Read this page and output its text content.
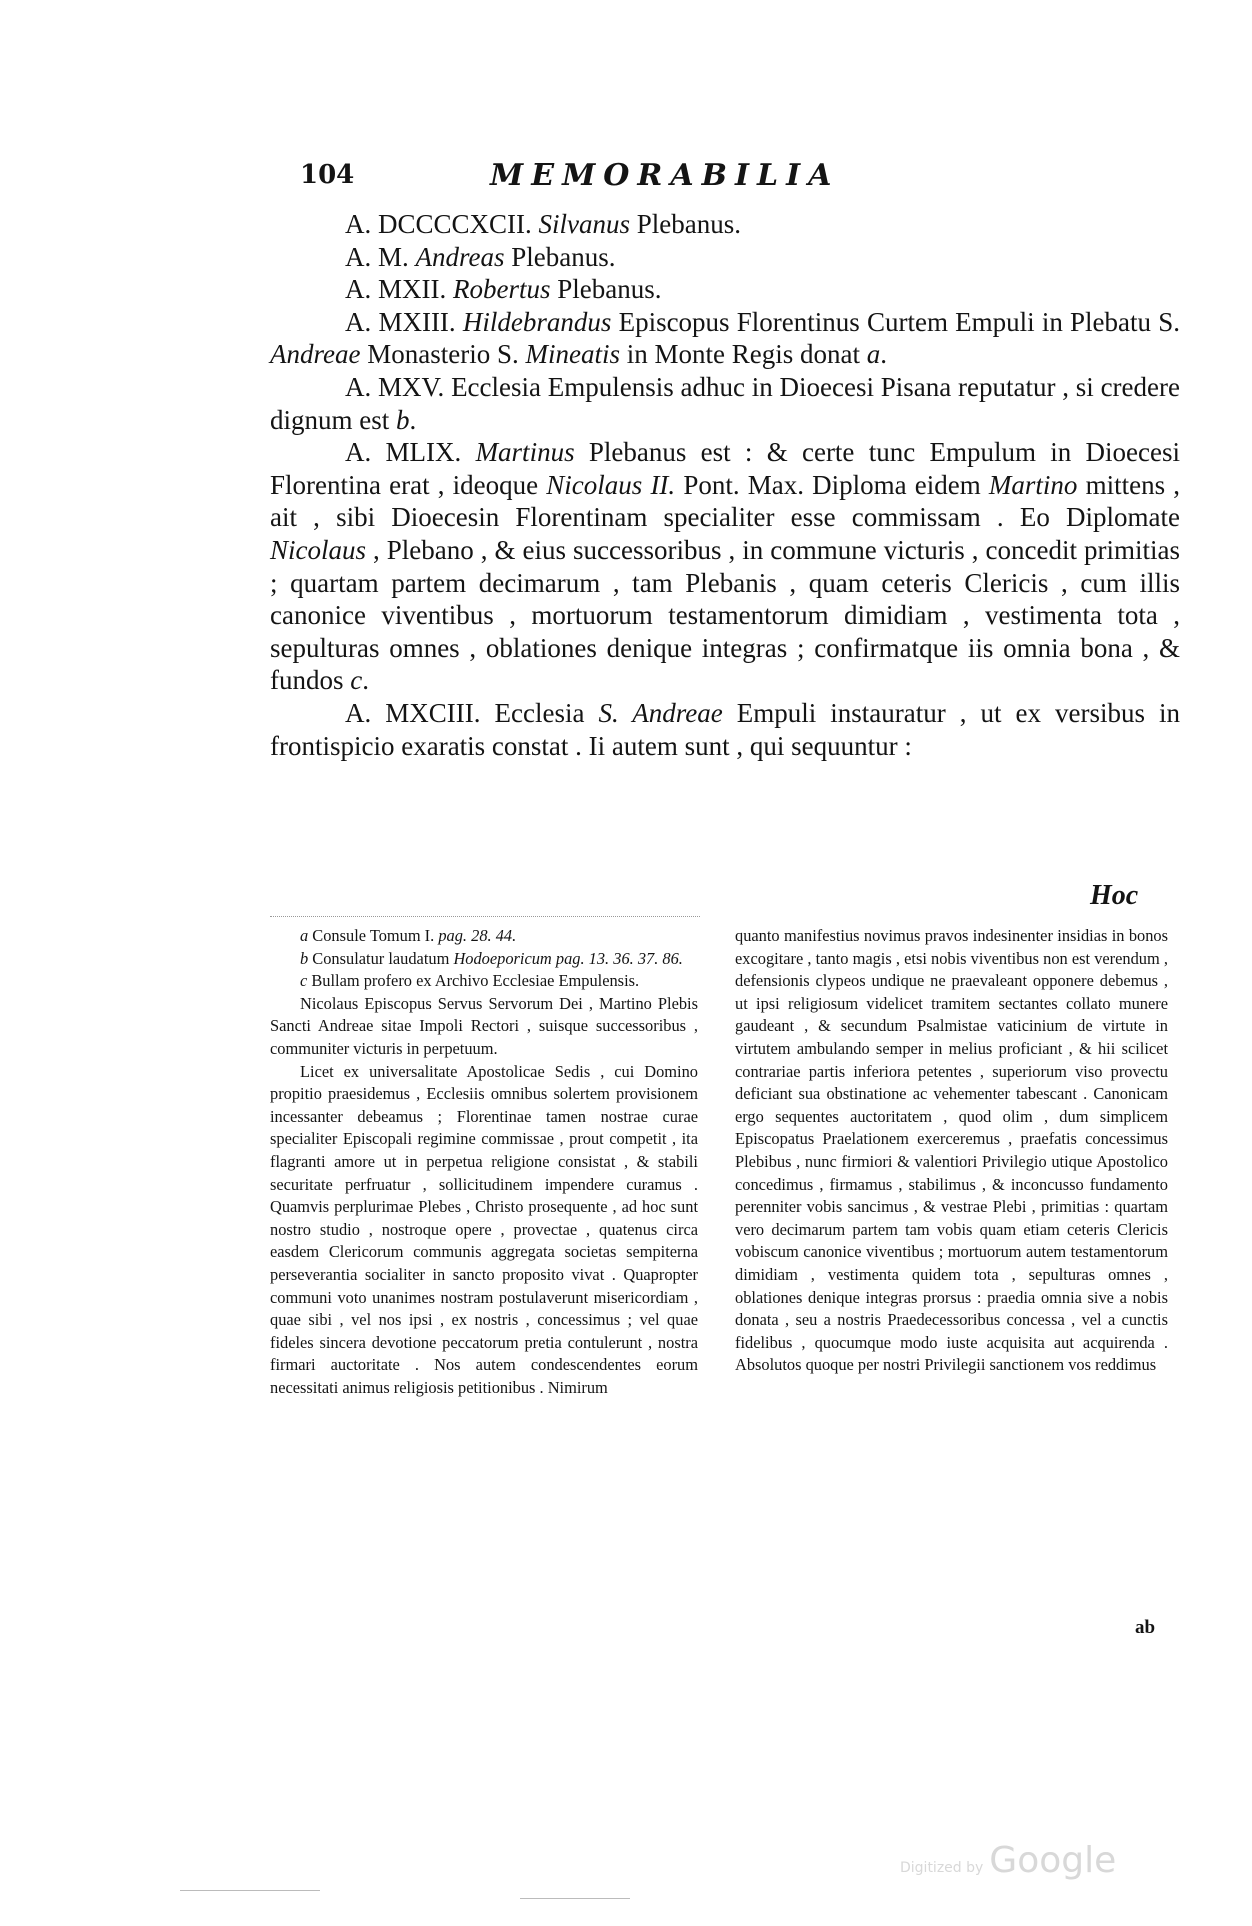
104	MEMORABILIA

A. DCCCCXCII. Silvanus Plebanus.

A. M. Andreas Plebanus.

A. MXII. Robertus Plebanus.

A. MXIII. Hildebrandus Episcopus Florentinus Curtem Empuli in Plebatu S. Andreae Monasterio S. Mineatis in Monte Regis donat a.

A. MXV. Ecclesia Empulensis adhuc in Dioecesi Pisana reputatur , si credere dignum est b.

A. MLIX. Martinus Plebanus est : & certe tunc Empulum in Dioecesi Florentina erat , ideoque Nicolaus II. Pont. Max. Diploma eidem Martino mittens , ait , sibi Dioecesin Florentinam specialiter esse commissam . Eo Diplomate Nicolaus , Plebano , & eius successoribus , in commune victuris , concedit primitias ; quartam partem decimarum , tam Plebanis , quam ceteris Clericis , cum illis canonice viventibus , mortuorum testamentorum dimidiam , vestimenta tota , sepulturas omnes , oblationes denique integras ; confirmatque iis omnia bona , & fundos c.

A. MXCIII. Ecclesia S. Andreae Empuli instauratur , ut ex versibus in frontispicio exaratis constat . Ii autem sunt , qui sequuntur :

Hoc

a Consule Tomum I. pag. 28. 44.

b Consulatur laudatum Hodoeporicum pag. 13. 36. 37. 86.

c Bullam profero ex Archivo Ecclesiae Empulensis.

Nicolaus Episcopus Servus Servorum Dei , Martino Plebis Sancti Andreae sitae Impoli Rectori , suisque successoribus , communiter victuris in perpetuum.

Licet ex universalitate Apostolicae Sedis , cui Domino propitio praesidemus , Ecclesiis omnibus solertem provisionem incessanter debeamus ; Florentinae tamen nostrae curae specialiter Episcopali regimine commissae , prout competit , ita flagranti amore ut in perpetua religione consistat , & stabili securitate perfruatur , sollicitudinem impendere curamus . Quamvis perplurimae Plebes , Christo prosequente , ad hoc sunt nostro studio , nostroque opere , provectae , quatenus circa easdem Clericorum communis aggregata societas sempiterna perseverantia socialiter in sancto proposito vivat . Quapropter communi voto unanimes nostram postulaverunt misericordiam , quae sibi , vel nos ipsi , ex nostris , concessimus ; vel quae fideles sincera devotione peccatorum pretia contulerunt , nostra firmari auctoritate . Nos autem condescendentes eorum necessitati animus religiosis petitionibus . Nimirum

quanto manifestius novimus pravos indesinenter insidias in bonos excogitare , tanto magis , etsi nobis viventibus non est verendum , defensionis clypeos undique ne praevaleant opponere debemus , ut ipsi religiosum videlicet tramitem sectantes collato munere gaudeant , & secundum Psalmistae vaticinium de virtute in virtutem ambulando semper in melius proficiant , & hii scilicet contrariae partis inferiora petentes , superiorum viso provectu deficiant sua obstinatione ac vehementer tabescant . Canonicam ergo sequentes auctoritatem , quod olim , dum simplicem Episcopatus Praelationem exerceremus , praefatis concessimus Plebibus , nunc firmiori & valentiori Privilegio utique Apostolico concedimus , firmamus , stabilimus , & inconcusso fundamento perenniter vobis sancimus , & vestrae Plebi , primitias : quartam vero decimarum partem tam vobis quam etiam ceteris Clericis vobiscum canonice viventibus ; mortuorum autem testamentorum dimidiam , vestimenta quidem tota , sepulturas omnes , oblationes denique integras prorsus : praedia omnia sive a nobis donata , seu a nostris Praedecessoribus concessa , vel a cunctis fidelibus , quocumque modo iuste acquisita aut acquirenda . Absolutos quoque per nostri Privilegii sanctionem vos reddimus

ab
Digitized by Google
